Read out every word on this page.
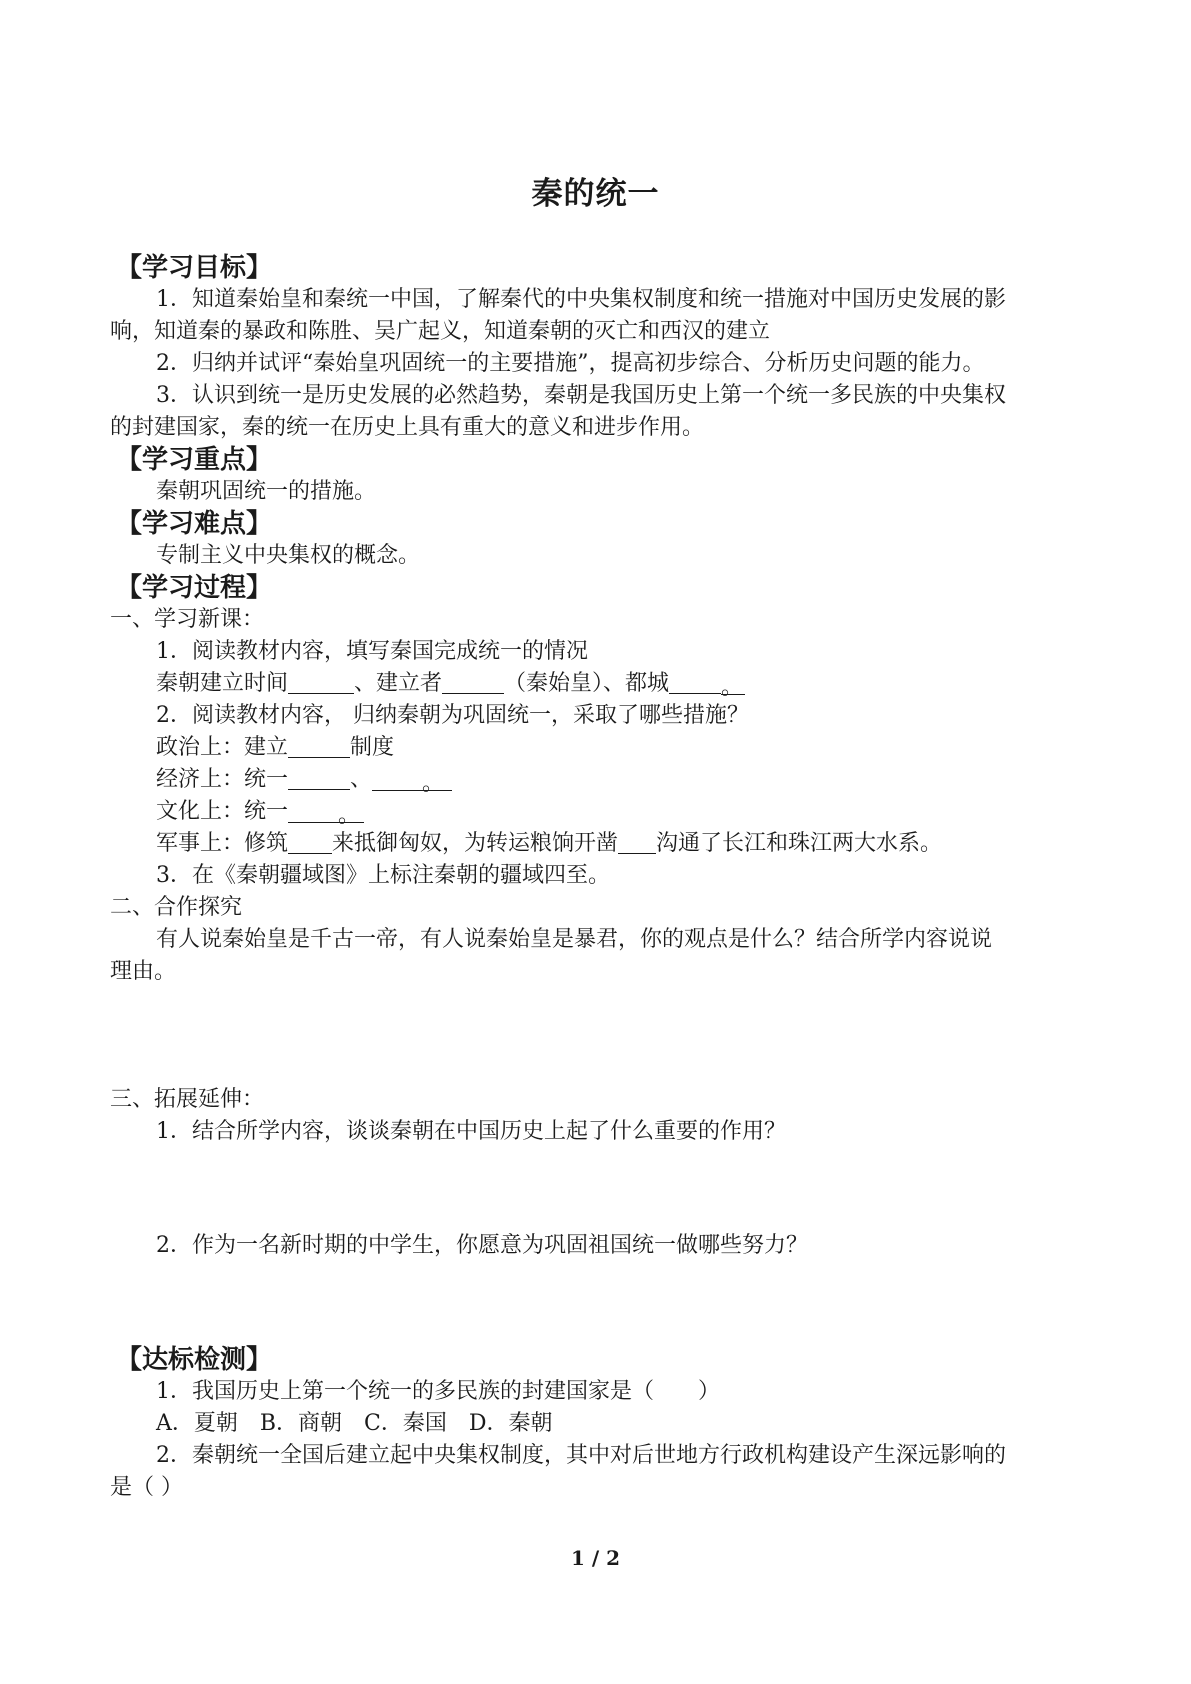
秦的统一
【学习目标】
1．知道秦始皇和秦统一中国，了解秦代的中央集权制度和统一措施对中国历史发展的影
响，知道秦的暴政和陈胜、吴广起义，知道秦朝的灭亡和西汉的建立
2．归纳并试评“秦始皇巩固统一的主要措施”，提高初步综合、分析历史问题的能力。
3．认识到统一是历史发展的必然趋势，秦朝是我国历史上第一个统一多民族的中央集权
的封建国家，秦的统一在历史上具有重大的意义和进步作用。
【学习重点】
秦朝巩固统一的措施。
【学习难点】
专制主义中央集权的概念。
【学习过程】
一、学习新课：
1．阅读教材内容，填写秦国完成统一的情况
秦朝建立时间	、建立者	（秦始皇）、都城 。
2．阅读教材内容， 归纳秦朝为巩固统一，采取了哪些措施？
政治上：建立	制度
经济上：统一	、 。
文化上：统一 。
军事上：修筑 来抵御匈奴，为转运粮饷开凿 沟通了长江和珠江两大水系。
3．在《秦朝疆域图》上标注秦朝的疆域四至。
二、合作探究
有人说秦始皇是千古一帝，有人说秦始皇是暴君，你的观点是什么？结合所学内容说说
理由。
三、拓展延伸：
1．结合所学内容，谈谈秦朝在中国历史上起了什么重要的作用？
2．作为一名新时期的中学生，你愿意为巩固祖国统一做哪些努力？
【达标检测】
1．我国历史上第一个统一的多民族的封建国家是（　　）
A．夏朝　B．商朝　C．秦国　D．秦朝
2．秦朝统一全国后建立起中央集权制度，其中对后世地方行政机构建设产生深远影响的
是（ ）
1 / 2
